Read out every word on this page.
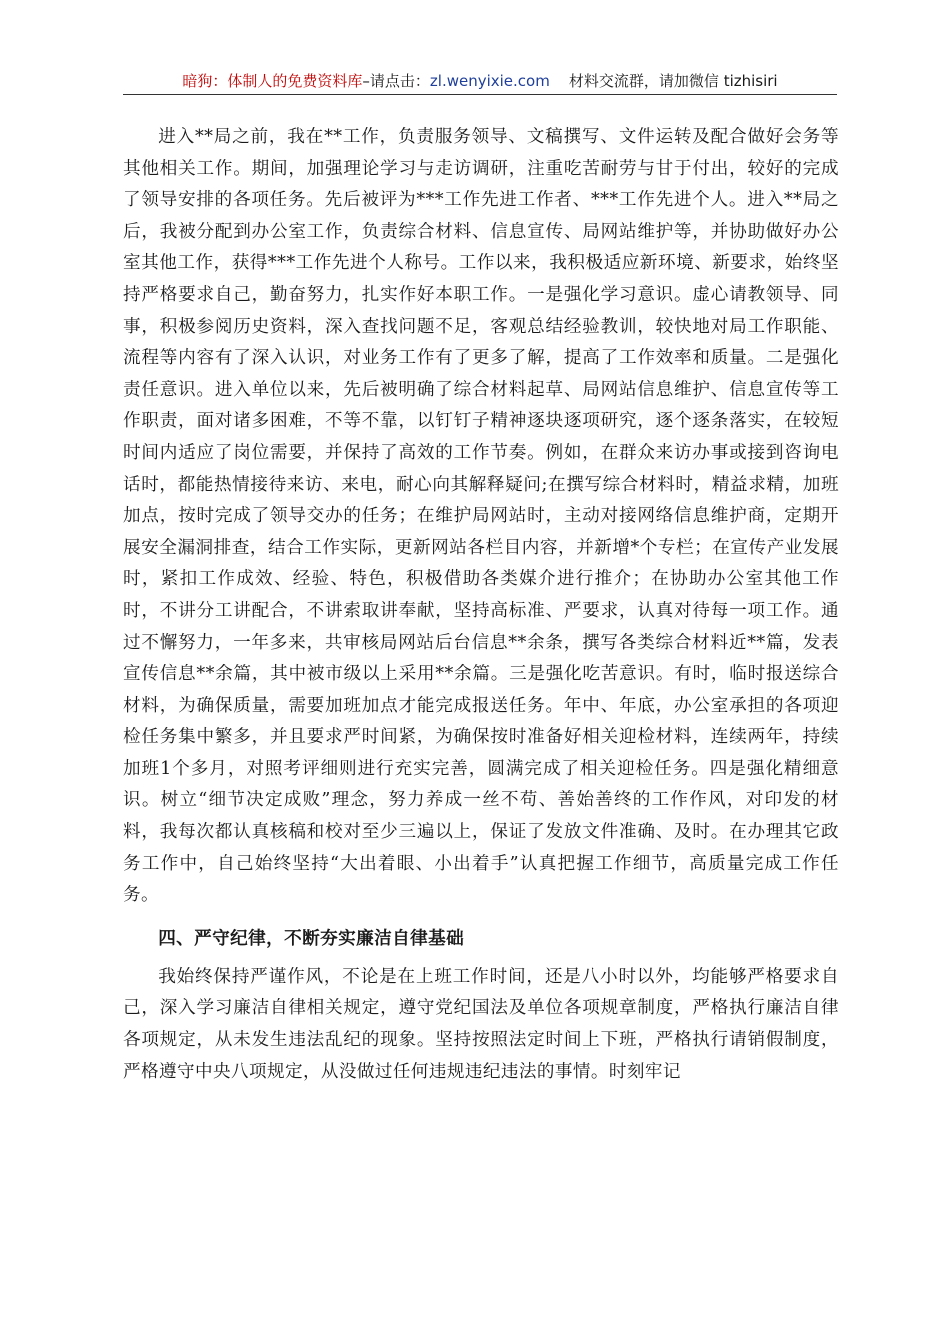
暗狗：体制人的免费资料库–请点击：zl.wenyixie.com 材料交流群，请加微信 tizhisiri

进入**局之前，我在**工作，负责服务领导、文稿撰写、文件运转及配合做好会务等其他相关工作。期间，加强理论学习与走访调研，注重吃苦耐劳与甘于付出，较好的完成了领导安排的各项任务。先后被评为***工作先进工作者、***工作先进个人。进入**局之后，我被分配到办公室工作，负责综合材料、信息宣传、局网站维护等，并协助做好办公室其他工作，获得***工作先进个人称号。工作以来，我积极适应新环境、新要求，始终坚持严格要求自己，勤奋努力，扎实作好本职工作。一是强化学习意识。虚心请教领导、同事，积极参阅历史资料，深入查找问题不足，客观总结经验教训，较快地对局工作职能、流程等内容有了深入认识，对业务工作有了更多了解，提高了工作效率和质量。二是强化责任意识。进入单位以来，先后被明确了综合材料起草、局网站信息维护、信息宣传等工作职责，面对诸多困难，不等不靠，以钉钉子精神逐块逐项研究，逐个逐条落实，在较短时间内适应了岗位需要，并保持了高效的工作节奏。例如，在群众来访办事或接到咨询电话时，都能热情接待来访、来电，耐心向其解释疑问;在撰写综合材料时，精益求精，加班加点，按时完成了领导交办的任务；在维护局网站时，主动对接网络信息维护商，定期开展安全漏洞排查，结合工作实际，更新网站各栏目内容，并新增*个专栏；在宣传产业发展时，紧扣工作成效、经验、特色，积极借助各类媒介进行推介；在协助办公室其他工作时，不讲分工讲配合，不讲索取讲奉献，坚持高标准、严要求，认真对待每一项工作。通过不懈努力，一年多来，共审核局网站后台信息**余条，撰写各类综合材料近**篇，发表宣传信息**余篇，其中被市级以上采用**余篇。三是强化吃苦意识。有时，临时报送综合材料，为确保质量，需要加班加点才能完成报送任务。年中、年底，办公室承担的各项迎检任务集中繁多，并且要求严时间紧，为确保按时准备好相关迎检材料，连续两年，持续加班1个多月，对照考评细则进行充实完善，圆满完成了相关迎检任务。四是强化精细意识。树立“细节决定成败”理念，努力养成一丝不苟、善始善终的工作作风，对印发的材料，我每次都认真核稿和校对至少三遍以上，保证了发放文件准确、及时。在办理其它政务工作中，自己始终坚持“大出着眼、小出着手”认真把握工作细节，高质量完成工作任务。

四、严守纪律，不断夯实廉洁自律基础

我始终保持严谨作风，不论是在上班工作时间，还是八小时以外，均能够严格要求自己，深入学习廉洁自律相关规定，遵守党纪国法及单位各项规章制度，严格执行廉洁自律各项规定，从未发生违法乱纪的现象。坚持按照法定时间上下班，严格执行请销假制度，严格遵守中央八项规定，从没做过任何违规违纪违法的事情。时刻牢记
